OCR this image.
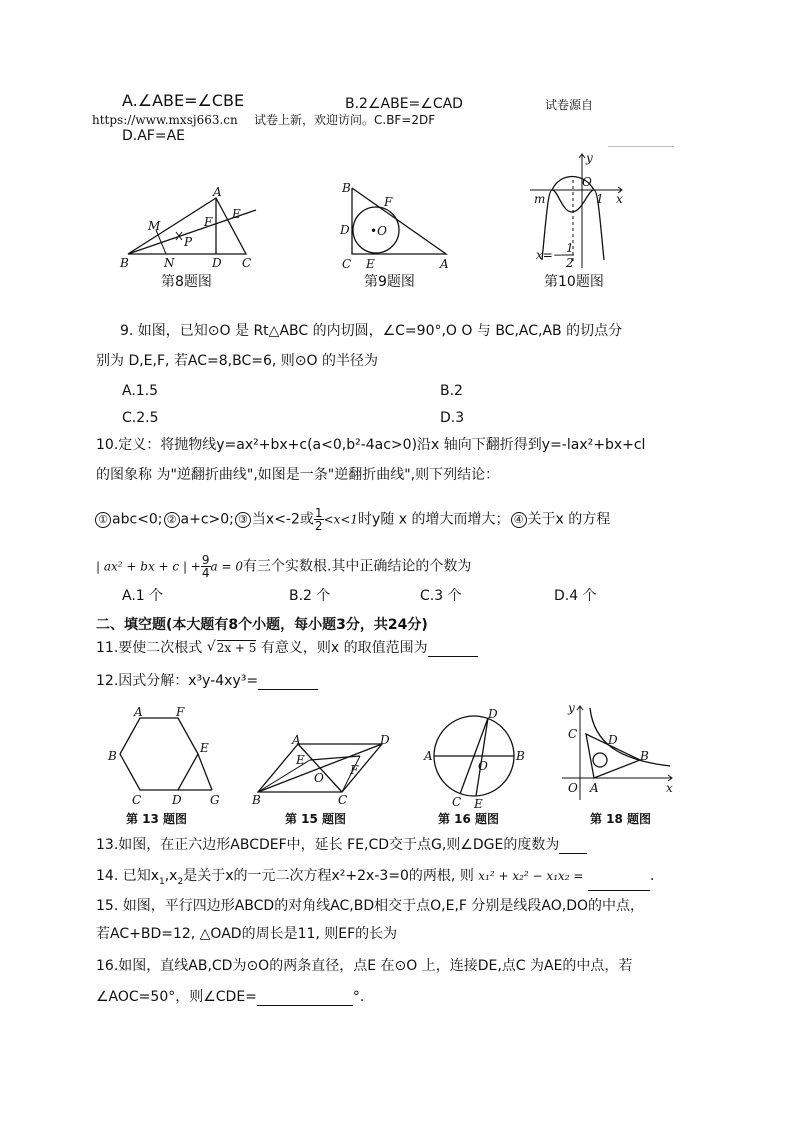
A.∠ABE=∠CBE	B.2∠ABE=∠CAD	试卷源自
https://www.mxsj663.cn 试卷上新，欢迎访问。C.BF=2DF
D.AF=AE
A
B	C
D
E
F
M
N
P
第8题图
B
C	A
D
E
F
•O
第9题图
y
x
O
m	1
x=− 1
2
第10题图
9. 如图，已知⊙O 是 Rt△ABC 的内切圆，∠C=90°,O O 与 BC,AC,AB 的切点分
别为 D,E,F, 若AC=8,BC=6, 则⊙O 的半径为
A.1.5	B.2
C.2.5	D.3
10.定义：将抛物线y=ax²+bx+c(a<0,b²-4ac>0)沿x 轴向下翻折得到y=-lax²+bx+cl
的图象称 为"逆翻折曲线",如图是一条"逆翻折曲线",则下列结论：
① abc<0; ② a+c>0; ③ 当x<-2或 $\frac{1}{2} <x<1$时y随 x 的增大而增大； ④ 关于x 的方程
| ax² + bx + c | + $\frac{9}{4}$ a = 0有三个实数根.其中正确结论的个数为
A.1 个	B.2 个	C.3 个	D.4 个
二、填空题(本大题有8个小题，每小题3分，共24分)
11.要使二次根式 √ 2x + 5 有意义，则x 的取值范围为
12.因式分解：x³y-4xy³=
A	F
B
E
C	D G
第 13 题图
A	D
B	C
E
F
O
第 15 题图
A	B
C
D
E
O
第 16 题图
y
x
O A
B
C	D
第 18 题图
13.如图，在正六边形ABCDEF中，延长 FE,CD交于点G,则∠DGE的度数为
14. 已知$x_1,x_2$是关于x的一元二次方程x²+2x-3=0的两根, 则 x₁² + x₂² − x₁x₂ =	.
15. 如图，平行四边形ABCD的对角线AC,BD相交于点O,E,F 分别是线段AO,DO的中点，
若AC+BD=12, △OAD的周长是11, 则EF的长为
16.如图，直线AB,CD为⊙O的两条直径，点E 在⊙O 上，连接DE,点C 为AE的中点，若
∠AOC=50°，则∠CDE=	°.
